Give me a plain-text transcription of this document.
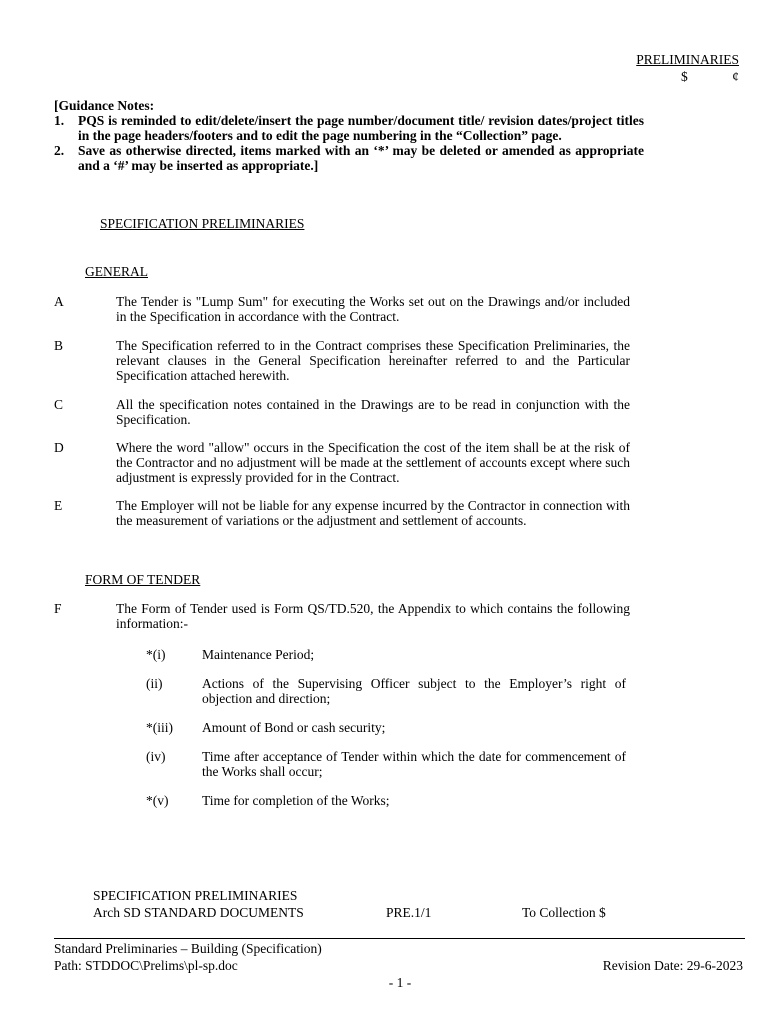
PRELIMINARIES
$	¢
[Guidance Notes:
1.	PQS is reminded to edit/delete/insert the page number/document title/ revision dates/project titles in the page headers/footers and to edit the page numbering in the “Collection” page.
2.	Save as otherwise directed, items marked with an ‘*’ may be deleted or amended as appropriate and a ‘#’ may be inserted as appropriate.]
SPECIFICATION PRELIMINARIES
GENERAL
A	The Tender is "Lump Sum" for executing the Works set out on the Drawings and/or included in the Specification in accordance with the Contract.
B	The Specification referred to in the Contract comprises these Specification Preliminaries, the relevant clauses in the General Specification hereinafter referred to and the Particular Specification attached herewith.
C	All the specification notes contained in the Drawings are to be read in conjunction with the Specification.
D	Where the word "allow" occurs in the Specification the cost of the item shall be at the risk of the Contractor and no adjustment will be made at the settlement of accounts except where such adjustment is expressly provided for in the Contract.
E	The Employer will not be liable for any expense incurred by the Contractor in connection with the measurement of variations or the adjustment and settlement of accounts.
FORM OF TENDER
F	The Form of Tender used is Form QS/TD.520, the Appendix to which contains the following information:-
*(i)	Maintenance Period;
(ii)	Actions of the Supervising Officer subject to the Employer’s right of objection and direction;
*(iii) Amount of Bond or cash security;
(iv)	Time after acceptance of Tender within which the date for commencement of the Works shall occur;
*(v) Time for completion of the Works;
SPECIFICATION PRELIMINARIES
Arch SD STANDARD DOCUMENTS	PRE.1/1	To Collection $
Standard Preliminaries – Building (Specification)
Path: STDDOC\Prelims\pl-sp.doc	Revision Date: 29-6-2023
- 1 -
